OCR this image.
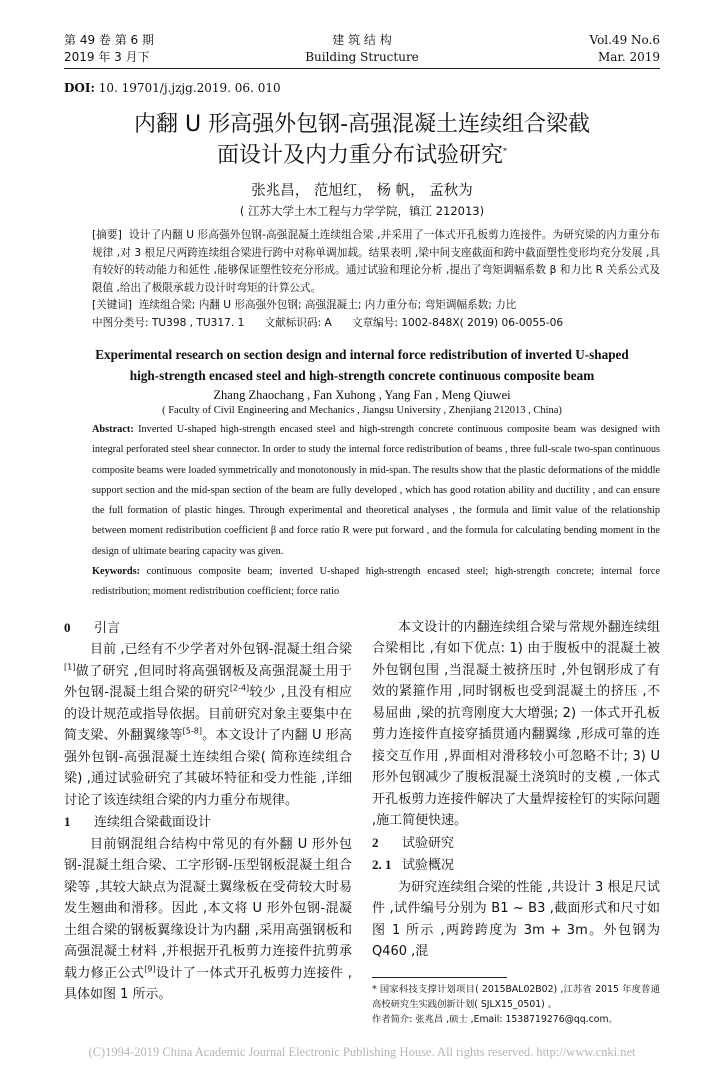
第 49 卷 第 6 期
2019 年 3 月下
建 筑 结 构
Building Structure
Vol.49 No.6
Mar. 2019
DOI: 10. 19701/j.jzjg.2019. 06. 010
内翻 U 形高强外包钢-高强混凝土连续组合梁截
面设计及内力重分布试验研究*
张兆昌， 范旭红， 杨 帆， 孟秋为
( 江苏大学土木工程与力学学院，镇江 212013)
[摘要] 设计了内翻 U 形高强外包钢-高强混凝土连续组合梁 ,并采用了一体式开孔板剪力连接件。为研究梁的内力重分布规律 ,对 3 根足尺两跨连续组合梁进行跨中对称单调加载。结果表明 ,梁中间支座截面和跨中截面塑性变形均充分发展 ,具有较好的转动能力和延性 ,能够保证塑性铰充分形成。通过试验和理论分析 ,提出了弯矩调幅系数 β 和力比 R 关系公式及限值 ,给出了极限承载力设计时弯矩的计算公式。
[关键词] 连续组合梁; 内翻 U 形高强外包钢; 高强混凝土; 内力重分布; 弯矩调幅系数; 力比
中图分类号: TU398 , TU317. 1 文献标识码: A 文章编号: 1002-848X( 2019) 06-0055-06
Experimental research on section design and internal force redistribution of inverted U-shaped
high-strength encased steel and high-strength concrete continuous composite beam
Zhang Zhaochang , Fan Xuhong , Yang Fan , Meng Qiuwei
( Faculty of Civil Engineering and Mechanics , Jiangsu University , Zhenjiang 212013 , China)
Abstract: Inverted U-shaped high-strength encased steel and high-strength concrete continuous composite beam was designed with integral perforated steel shear connector. In order to study the internal force redistribution of beams , three full-scale two-span continuous composite beams were loaded symmetrically and monotonously in mid-span. The results show that the plastic deformations of the middle support section and the mid-span section of the beam are fully developed , which has good rotation ability and ductility , and can ensure the full formation of plastic hinges. Through experimental and theoretical analyses , the formula and limit value of the relationship between moment redistribution coefficient β and force ratio R were put forward , and the formula for calculating bending moment in the design of ultimate bearing capacity was given.
Keywords: continuous composite beam; inverted U-shaped high-strength encased steel; high-strength concrete; internal force redistribution; moment redistribution coefficient; force ratio
0 引言

目前 ,已经有不少学者对外包钢-混凝土组合梁[1]做了研究 ,但同时将高强钢板及高强混凝土用于外包钢-混凝土组合梁的研究[2-4]较少 ,且没有相应的设计规范或指导依据。目前研究对象主要集中在简支梁、外翻翼缘等[5-8]。本文设计了内翻 U 形高强外包钢-高强混凝土连续组合梁( 简称连续组合梁) ,通过试验研究了其破坏特征和受力性能 ,详细讨论了该连续组合梁的内力重分布规律。

1 连续组合梁截面设计

目前钢混组合结构中常见的有外翻 U 形外包钢-混凝土组合梁、工字形钢-压型钢板混凝土组合梁等 ,其较大缺点为混凝土翼缘板在受荷较大时易发生翘曲和滑移。因此 ,本文将 U 形外包钢-混凝土组合梁的钢板翼缘设计为内翻 ,采用高强钢板和高强混凝土材料 ,并根据开孔板剪力连接件抗剪承载力修正公式[9]设计了一体式开孔板剪力连接件 ,具体如图 1 所示。

本文设计的内翻连续组合梁与常规外翻连续组合梁相比 ,有如下优点: 1) 由于腹板中的混凝土被外包钢包围 ,当混凝土被挤压时 ,外包钢形成了有效的紧箍作用 ,同时钢板也受到混凝土的挤压 ,不易屈曲 ,梁的抗弯刚度大大增强; 2) 一体式开孔板剪力连接件直接穿插贯通内翻翼缘 ,形成可靠的连接交互作用 ,界面相对滑移较小可忽略不计; 3) U 形外包钢减少了腹板混凝土浇筑时的支模 ,一体式开孔板剪力连接件解决了大量焊接栓钉的实际问题 ,施工简便快速。

2 试验研究
2. 1 试验概况

为研究连续组合梁的性能 ,共设计 3 根足尺试件 ,试件编号分别为 B1 ~ B3 ,截面形式和尺寸如图 1 所示 ,两跨跨度为 3m + 3m。外包钢为 Q460 ,混

* 国家科技支撑计划项目( 2015BAL02B02) ,江苏省 2015 年度普通高校研究生实践创新计划( SJLX15_0501) 。
作者简介: 张兆昌 ,硕士 ,Email: 1538719276@qq.com。
(C)1994-2019 China Academic Journal Electronic Publishing House. All rights reserved. http://www.cnki.net
